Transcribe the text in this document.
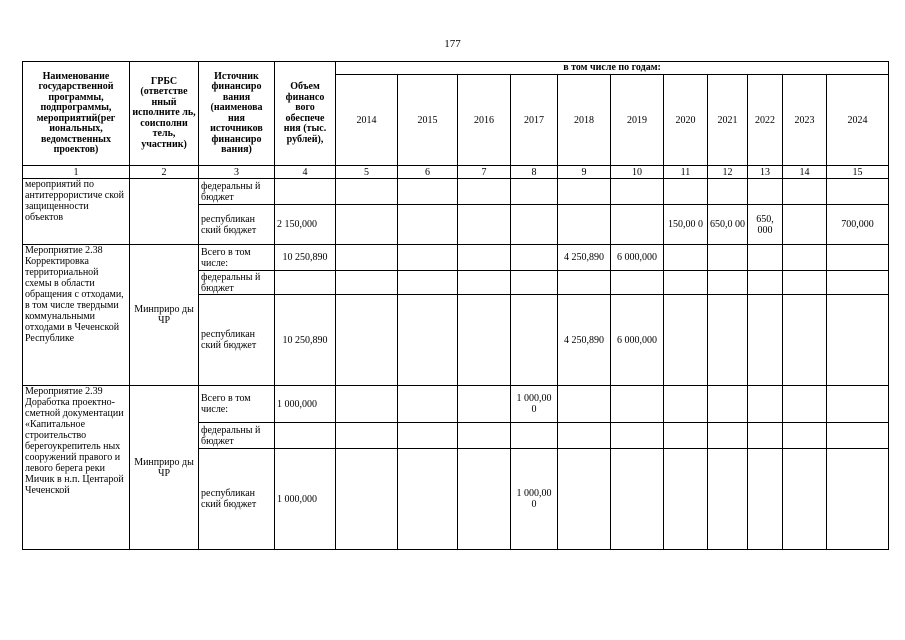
177
Наименование государственной программы, подпрограммы, мероприятий(рег иональных, ведомственных проектов)	ГРБС (ответстве нный исполните ль, соисполни тель, участник)	Источник финансиро вания (наименова ния источников финансиро вания)	Объем финансо вого обеспече ния (тыс. рублей),	в том числе по годам:										
				2014	2015	2016	2017	2018	2019	2020	2021	2022	2023	2024
1	2	3	4	5	6	7	8	9	10	11	12	13	14	15
мероприятий по антитеррористиче ской защищенности объектов		федеральны й бюджет												
		республикан ский бюджет	2 150,000							150,00 0	650,0 00	650, 000		700,000
Мероприятие 2.38 Корректировка территориальной схемы в области обращения с отходами, в том числе твердыми коммунальными отходами в Чеченской Республике	Минприро ды ЧР	Всего в том числе:	10 250,890					4 250,890	6 000,000					
		федеральны й бюджет												
		республикан ский бюджет	10 250,890					4 250,890	6 000,000					
Мероприятие 2.39 Доработка проектно-сметной документации «Капитальное строительство берегоукрепитель ных сооружений правого и левого берега реки Мичик в н.п. Центарой Чеченской	Минприро ды ЧР	Всего в том числе:	1 000,000				1 000,00 0							
		федеральны й бюджет												
		республикан ский бюджет	1 000,000				1 000,00 0							
